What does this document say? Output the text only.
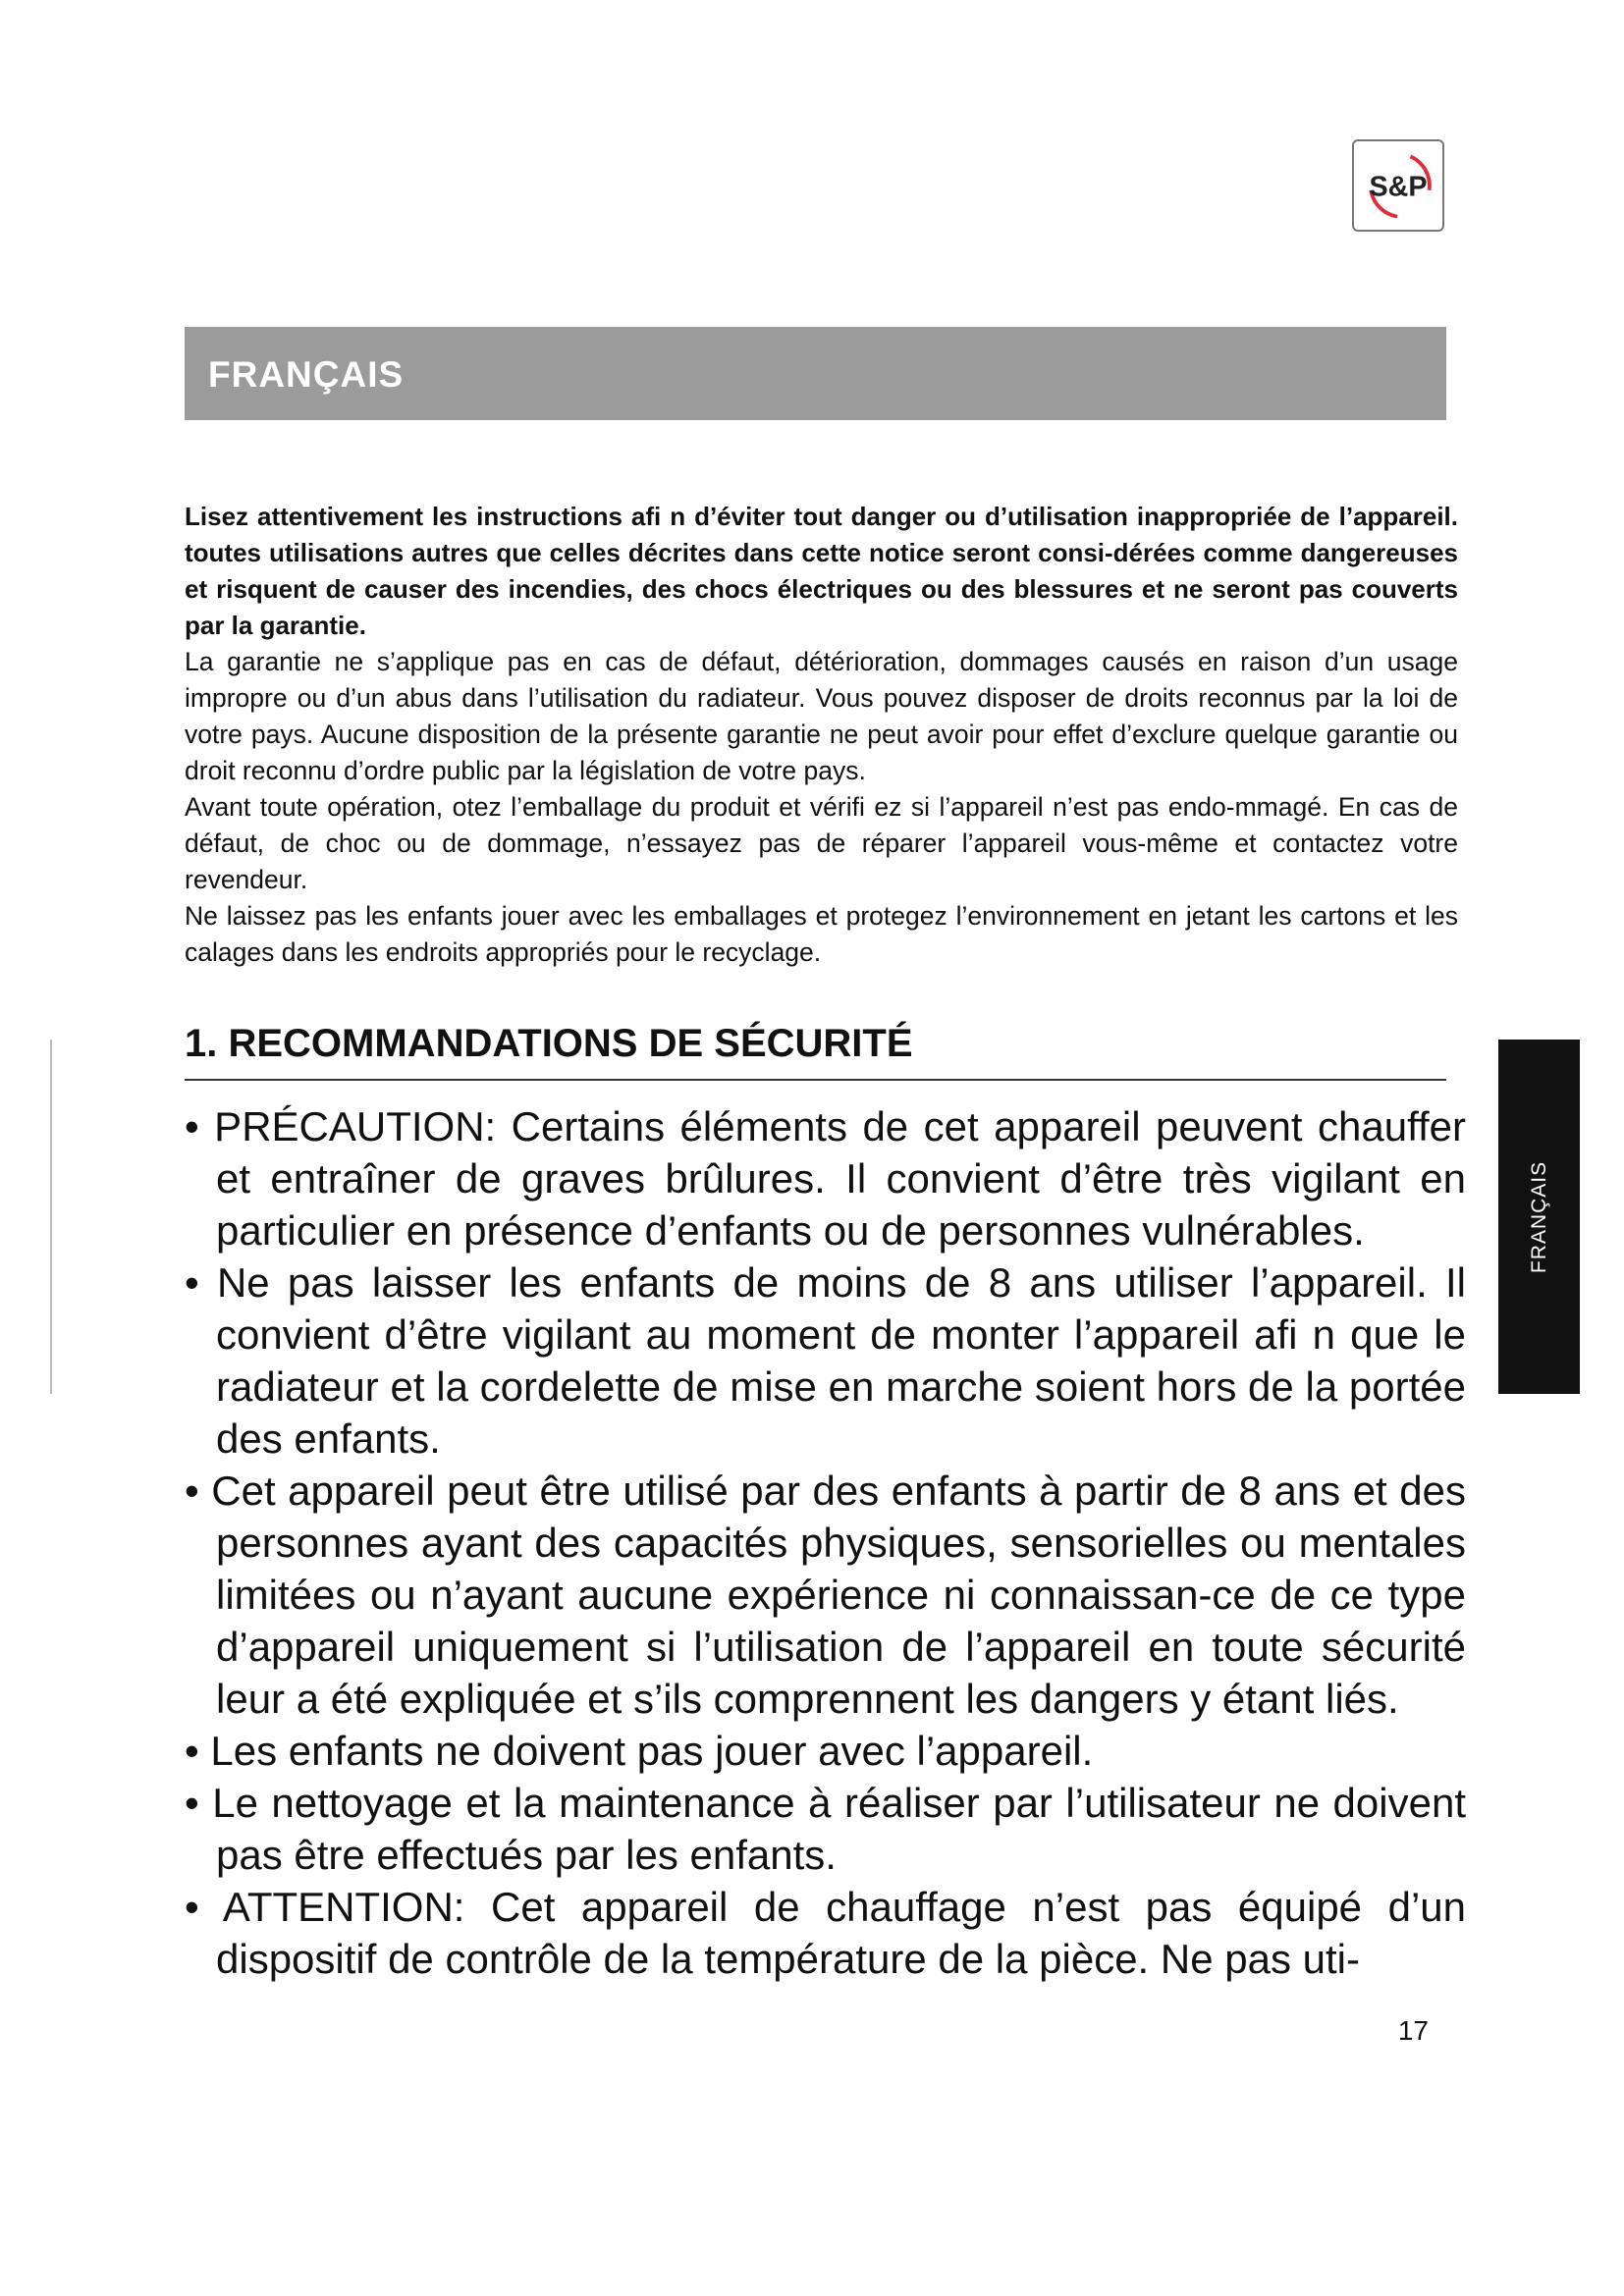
S&P
FRANÇAIS

Lisez attentivement les instructions afi n d’éviter tout danger ou d’utilisation inappropriée de l’appareil. toutes utilisations autres que celles décrites dans cette notice seront consi-dérées comme dangereuses et risquent de causer des incendies, des chocs électriques ou des blessures et ne seront pas couverts par la garantie.

La garantie ne s’applique pas en cas de défaut, détérioration, dommages causés en raison d’un usage impropre ou d’un abus dans l’utilisation du radiateur. Vous pouvez disposer de droits reconnus par la loi de votre pays. Aucune disposition de la présente garantie ne peut avoir pour effet d’exclure quelque garantie ou droit reconnu d’ordre public par la législation de votre pays.

Avant toute opération, otez l’emballage du produit et vérifi ez si l’appareil n’est pas endo-mmagé. En cas de défaut, de choc ou de dommage, n’essayez pas de réparer l’appareil vous-même et contactez votre revendeur.

Ne laissez pas les enfants jouer avec les emballages et protegez l’environnement en jetant les cartons et les calages dans les endroits appropriés pour le recyclage.

1. RECOMMANDATIONS DE SÉCURITÉ
• PRÉCAUTION: Certains éléments de cet appareil peuvent chauffer et entraîner de graves brûlures. Il convient d’être très vigilant en particulier en présence d’enfants ou de personnes vulnérables.
• Ne pas laisser les enfants de moins de 8 ans utiliser l’appareil. Il convient d’être vigilant au moment de monter l’appareil afi n que le radiateur et la cordelette de mise en marche soient hors de la portée des enfants.
• Cet appareil peut être utilisé par des enfants à partir de 8 ans et des personnes ayant des capacités physiques, sensorielles ou mentales limitées ou n’ayant aucune expérience ni connaissan-ce de ce type d’appareil uniquement si l’utilisation de l’appareil en toute sécurité leur a été expliquée et s’ils comprennent les dangers y étant liés.
• Les enfants ne doivent pas jouer avec l’appareil.
• Le nettoyage et la maintenance à réaliser par l’utilisateur ne doivent pas être effectués par les enfants.
• ATTENTION: Cet appareil de chauffage n’est pas équipé d’un dispositif de contrôle de la température de la pièce. Ne pas uti-
17
FRANÇAIS
